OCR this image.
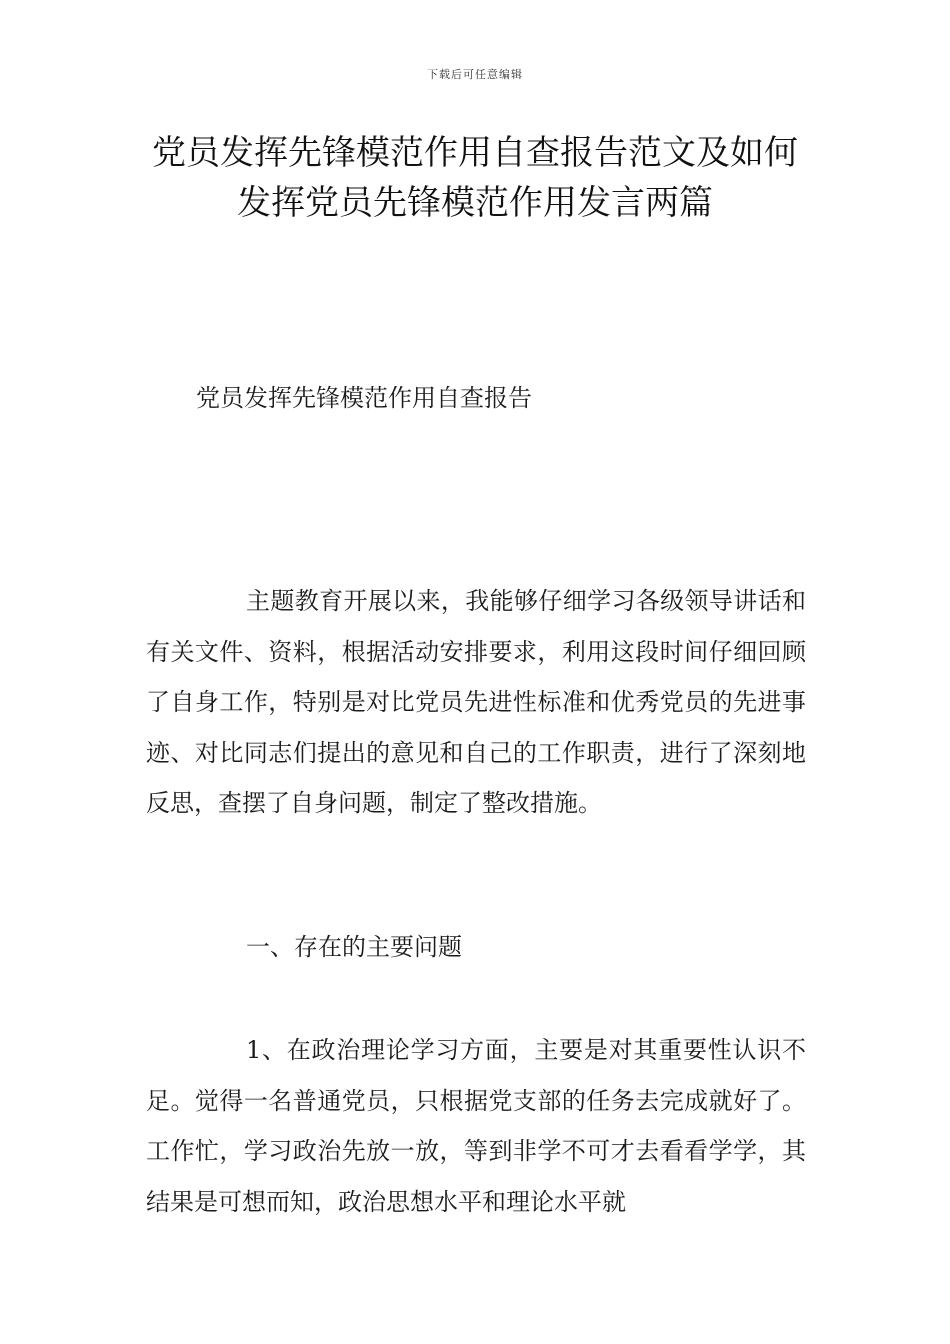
下载后可任意编辑
党员发挥先锋模范作用自查报告范文及如何发挥党员先锋模范作用发言两篇

党员发挥先锋模范作用自查报告

主题教育开展以来，我能够仔细学习各级领导讲话和有关文件、资料，根据活动安排要求，利用这段时间仔细回顾了自身工作，特别是对比党员先进性标准和优秀党员的先进事迹、对比同志们提出的意见和自己的工作职责，进行了深刻地反思，查摆了自身问题，制定了整改措施。

一、存在的主要问题

1、在政治理论学习方面，主要是对其重要性认识不足。觉得一名普通党员，只根据党支部的任务去完成就好了。工作忙，学习政治先放一放，等到非学不可才去看看学学，其结果是可想而知，政治思想水平和理论水平就
